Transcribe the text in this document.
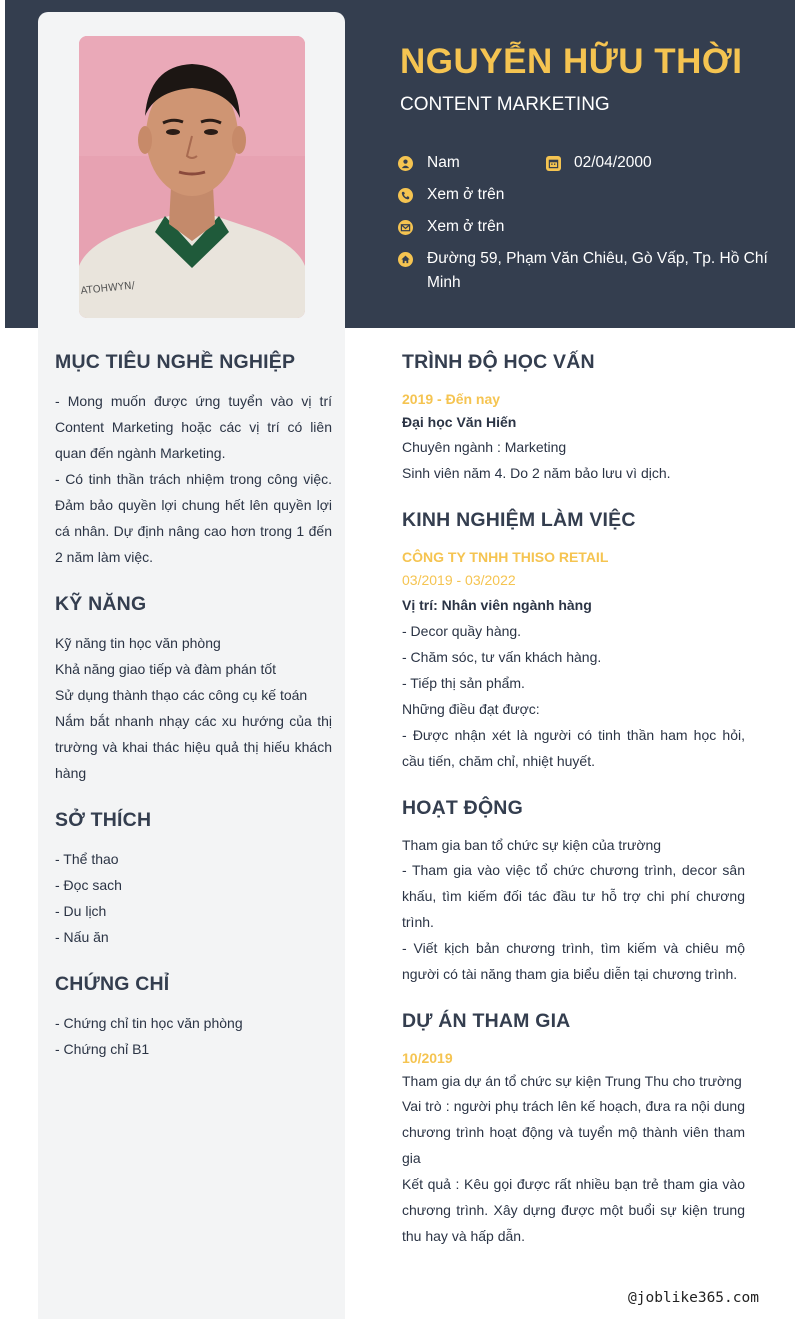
ATOHWYN/
NGUYỄN HỮU THỜI
CONTENT MARKETING
Nam	02/04/2000
Xem ở trên
Xem ở trên
Đường 59, Phạm Văn Chiêu, Gò Vấp, Tp. Hồ Chí Minh
MỤC TIÊU NGHỀ NGHIỆP
- Mong muốn được ứng tuyển vào vị trí Content Marketing hoặc các vị trí có liên quan đến ngành Marketing.
- Có tinh thần trách nhiệm trong công việc. Đảm bảo quyền lợi chung hết lên quyền lợi cá nhân. Dự định nâng cao hơn trong 1 đến 2 năm làm việc.
KỸ NĂNG
Kỹ năng tin học văn phòng
Khả năng giao tiếp và đàm phán tốt
Sử dụng thành thạo các công cụ kế toán
Nắm bắt nhanh nhạy các xu hướng của thị trường và khai thác hiệu quả thị hiếu khách hàng
SỞ THÍCH
- Thể thao
- Đọc sach
- Du lịch
- Nấu ăn
CHỨNG CHỈ
- Chứng chỉ tin học văn phòng
- Chứng chỉ B1
TRÌNH ĐỘ HỌC VẤN
2019 - Đến nay
Đại học Văn Hiến
Chuyên ngành : Marketing
Sinh viên năm 4. Do 2 năm bảo lưu vì dịch.
KINH NGHIỆM LÀM VIỆC
CÔNG TY TNHH THISO RETAIL
03/2019 - 03/2022
Vị trí: Nhân viên ngành hàng
- Decor quầy hàng.
- Chăm sóc, tư vấn khách hàng.
- Tiếp thị sản phẩm.
Những điều đạt được:
- Được nhận xét là người có tinh thần ham học hỏi, cầu tiến, chăm chỉ, nhiệt huyết.
HOẠT ĐỘNG
Tham gia ban tổ chức sự kiện của trường
- Tham gia vào việc tổ chức chương trình, decor sân khấu, tìm kiếm đối tác đầu tư hỗ trợ chi phí chương trình.
- Viết kịch bản chương trình, tìm kiếm và chiêu mộ người có tài năng tham gia biểu diễn tại chương trình.
DỰ ÁN THAM GIA
10/2019
Tham gia dự án tổ chức sự kiện Trung Thu cho trường
Vai trò : người phụ trách lên kế hoạch, đưa ra nội dung chương trình hoạt động và tuyển mộ thành viên tham gia
Kết quả : Kêu gọi được rất nhiều bạn trẻ tham gia vào chương trình. Xây dựng được một buổi sự kiện trung thu hay và hấp dẫn.
@joblike365.com
